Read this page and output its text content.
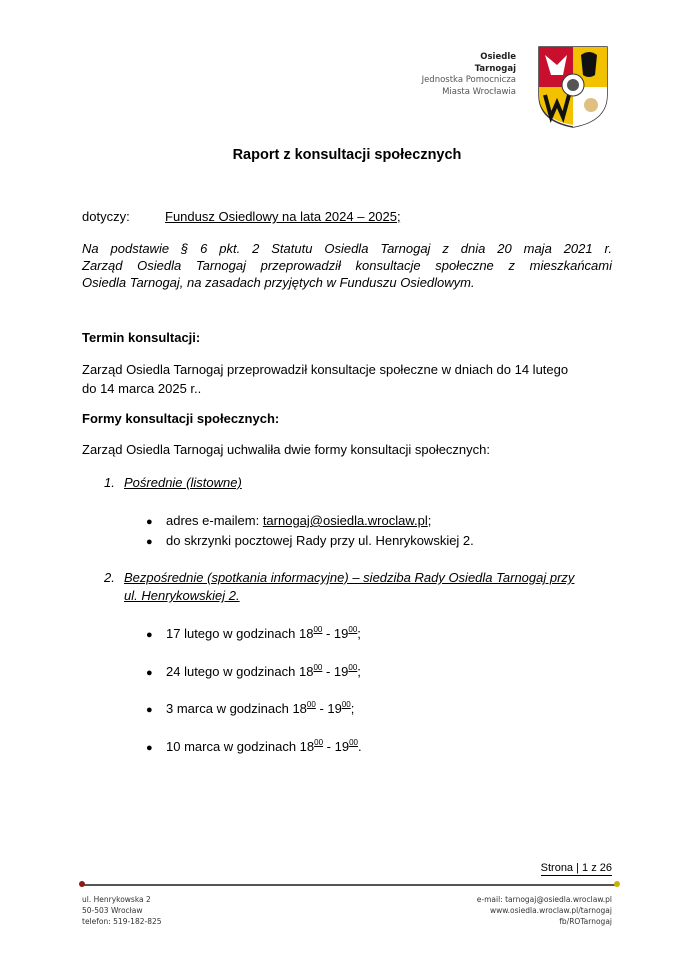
Osiedle
Tarnogaj
Jednostka Pomocnicza
Miasta Wrocławia
Raport z konsultacji społecznych
dotyczy:	Fundusz Osiedlowy na lata 2024 – 2025;
Na podstawie § 6 pkt. 2 Statutu Osiedla Tarnogaj z dnia 20 maja 2021 r.
Zarząd Osiedla Tarnogaj przeprowadził konsultacje społeczne z mieszkańcami
Osiedla Tarnogaj, na zasadach przyjętych w Funduszu Osiedlowym.
Termin konsultacji:
Zarząd Osiedla Tarnogaj przeprowadził konsultacje społeczne w dniach do 14 lutego
do 14 marca 2025 r..
Formy konsultacji społecznych:
Zarząd Osiedla Tarnogaj uchwaliła dwie formy konsultacji społecznych:
1. Pośrednie (listowne)
● adres e-mailem: tarnogaj@osiedla.wroclaw.pl;
● do skrzynki pocztowej Rady przy ul. Henrykowskiej 2.
2. Bezpośrednie (spotkania informacyjne) – siedziba Rady Osiedla Tarnogaj przy
ul. Henrykowskiej 2.
● 17 lutego w godzinach $18^{00} - 19^{00}$;
● 24 lutego w godzinach $18^{00} - 19^{00}$;
● 3 marca w godzinach $18^{00} - 19^{00}$;
● 10 marca w godzinach $18^{00} - 19^{00}$.
Strona | 1 z 26
ul. Henrykowska 2
50-503 Wrocław
telefon: 519-182-825
e-mail: tarnogaj@osiedla.wroclaw.pl
www.osiedla.wroclaw.pl/tarnogaj
fb/ROTarnogaj
